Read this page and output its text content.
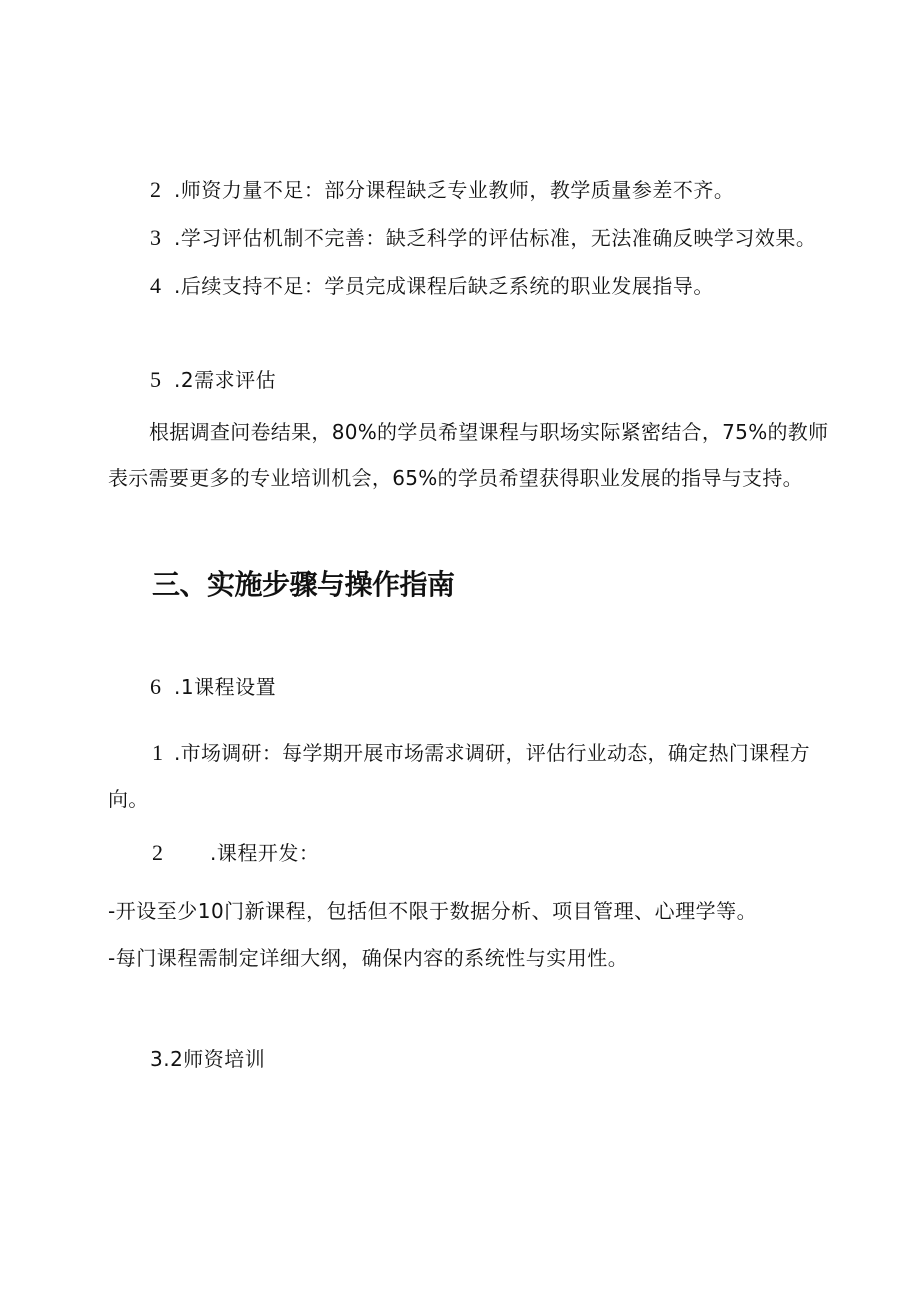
2 .师资力量不足：部分课程缺乏专业教师，教学质量参差不齐。
3 .学习评估机制不完善：缺乏科学的评估标准，无法准确反映学习效果。
4 .后续支持不足：学员完成课程后缺乏系统的职业发展指导。
5 .2需求评估
根据调查问卷结果，80%的学员希望课程与职场实际紧密结合，75%的教师
表示需要更多的专业培训机会，65%的学员希望获得职业发展的指导与支持。
三、实施步骤与操作指南
6 .1课程设置
1 .市场调研：每学期开展市场需求调研，评估行业动态，确定热门课程方
向。
2 .课程开发：
-开设至少10门新课程，包括但不限于数据分析、项目管理、心理学等。
-每门课程需制定详细大纲，确保内容的系统性与实用性。
3.2师资培训
